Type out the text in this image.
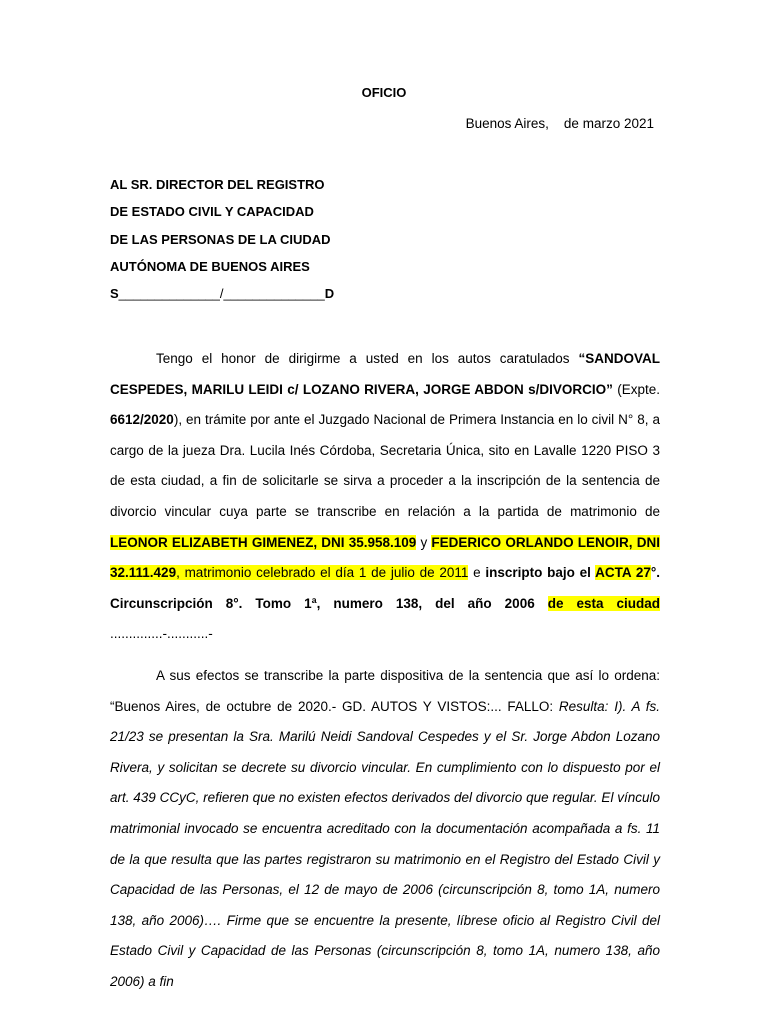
OFICIO
Buenos Aires,    de marzo 2021
AL SR. DIRECTOR DEL REGISTRO
DE ESTADO CIVIL Y CAPACIDAD
DE LAS PERSONAS DE LA CIUDAD
AUTÓNOMA DE BUENOS AIRES
S______________/______________D

Tengo el honor de dirigirme a usted en los autos caratulados “SANDOVAL CESPEDES, MARILU LEIDI c/ LOZANO RIVERA, JORGE ABDON s/DIVORCIO” (Expte. 6612/2020), en trámite por ante el Juzgado Nacional de Primera Instancia en lo civil N° 8, a cargo de la jueza Dra. Lucila Inés Córdoba, Secretaria Única, sito en Lavalle 1220 PISO 3 de esta ciudad, a fin de solicitarle se sirva a proceder a la inscripción de la sentencia de divorcio vincular cuya parte se transcribe en relación a la partida de matrimonio de LEONOR ELIZABETH GIMENEZ, DNI 35.958.109 y FEDERICO ORLANDO LENOIR, DNI 32.111.429, matrimonio celebrado el día 1 de julio de 2011 e inscripto bajo el ACTA 27°. Circunscripción 8°. Tomo 1ª, numero 138, del año 2006 de esta ciudad ..............-...........-

A sus efectos se transcribe la parte dispositiva de la sentencia que así lo ordena: “Buenos Aires, de octubre de 2020.- GD. AUTOS Y VISTOS:... FALLO: Resulta: I). A fs. 21/23 se presentan la Sra. Marilú Neidi Sandoval Cespedes y el Sr. Jorge Abdon Lozano Rivera, y solicitan se decrete su divorcio vincular. En cumplimiento con lo dispuesto por el art. 439 CCyC, refieren que no existen efectos derivados del divorcio que regular. El vínculo matrimonial invocado se encuentra acreditado con la documentación acompañada a fs. 11 de la que resulta que las partes registraron su matrimonio en el Registro del Estado Civil y Capacidad de las Personas, el 12 de mayo de 2006 (circunscripción 8, tomo 1A, numero 138, año 2006)…. Firme que se encuentre la presente, líbrese oficio al Registro Civil del Estado Civil y Capacidad de las Personas (circunscripción 8, tomo 1A, numero 138, año 2006) a fin
